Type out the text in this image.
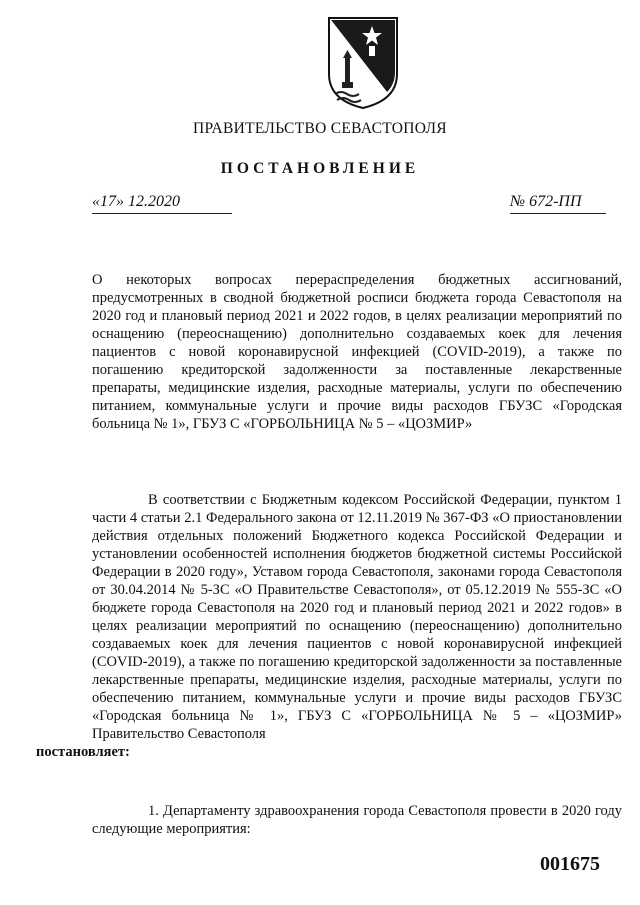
ПРАВИТЕЛЬСТВО СЕВАСТОПОЛЯ
ПОСТАНОВЛЕНИЕ
«17» 12.2020	№ 672-ПП
О некоторых вопросах перераспределения бюджетных ассигнований, предусмотренных в сводной бюджетной росписи бюджета города Севастополя на 2020 год и плановый период 2021 и 2022 годов, в целях реализации мероприятий по оснащению (переоснащению) дополнительно создаваемых коек для лечения пациентов с новой коронавирусной инфекцией (COVID-2019), а также по погашению кредиторской задолженности за поставленные лекарственные препараты, медицинские изделия, расходные материалы, услуги по обеспечению питанием, коммунальные услуги и прочие виды расходов ГБУЗС «Городская больница № 1», ГБУЗ С «ГОРБОЛЬНИЦА № 5 – «ЦОЗМИР»
В соответствии с Бюджетным кодексом Российской Федерации, пунктом 1 части 4 статьи 2.1 Федерального закона от 12.11.2019 № 367-ФЗ «О приостановлении действия отдельных положений Бюджетного кодекса Российской Федерации и установлении особенностей исполнения бюджетов бюджетной системы Российской Федерации в 2020 году», Уставом города Севастополя, законами города Севастополя от 30.04.2014 № 5-ЗС «О Правительстве Севастополя», от 05.12.2019 № 555-ЗС «О бюджете города Севастополя на 2020 год и плановый период 2021 и 2022 годов» в целях реализации мероприятий по оснащению (переоснащению) дополнительно создаваемых коек для лечения пациентов с новой коронавирусной инфекцией (COVID-2019), а также по погашению кредиторской задолженности за поставленные лекарственные препараты, медицинские изделия, расходные материалы, услуги по обеспечению питанием, коммунальные услуги и прочие виды расходов ГБУЗС «Городская больница № 1», ГБУЗ С «ГОРБОЛЬНИЦА № 5 – «ЦОЗМИР» Правительство Севастополя
постановляет:
1. Департаменту здравоохранения города Севастополя провести в 2020 году следующие мероприятия:
001675
